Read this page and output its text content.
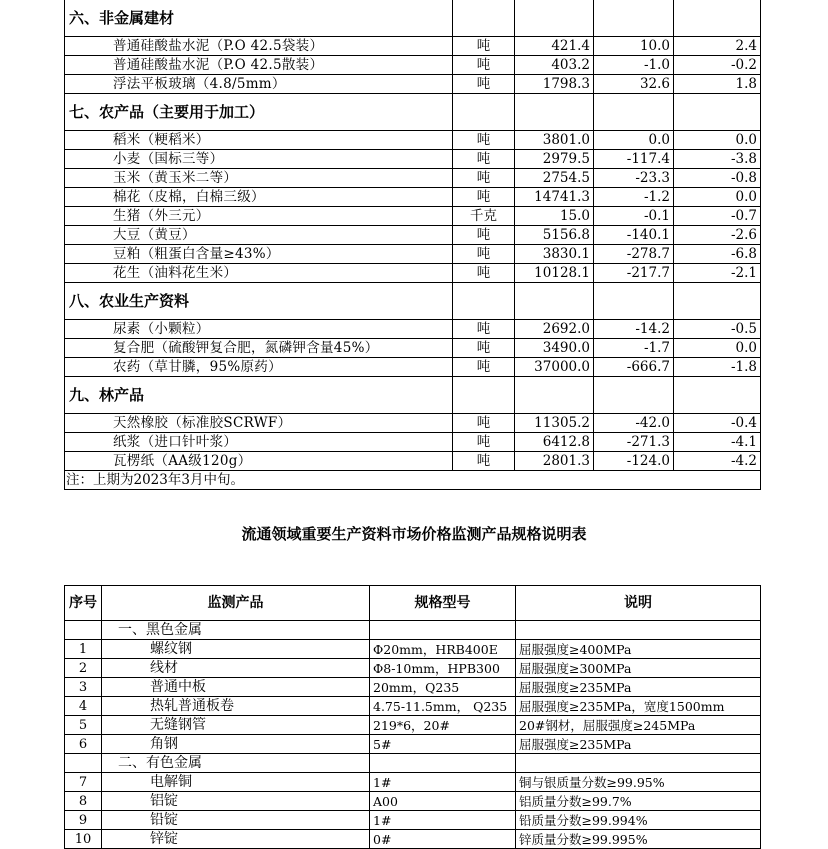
六、非金属建材				
普通硅酸盐水泥（P.O 42.5袋装）	吨	421.4	10.0	2.4
普通硅酸盐水泥（P.O 42.5散装）	吨	403.2	-1.0	-0.2
浮法平板玻璃（4.8/5mm）	吨	1798.3	32.6	1.8
七、农产品（主要用于加工）				
稻米（粳稻米）	吨	3801.0	0.0	0.0
小麦（国标三等）	吨	2979.5	-117.4	-3.8
玉米（黄玉米二等）	吨	2754.5	-23.3	-0.8
棉花（皮棉，白棉三级）	吨	14741.3	-1.2	0.0
生猪（外三元）	千克	15.0	-0.1	-0.7
大豆（黄豆）	吨	5156.8	-140.1	-2.6
豆粕（粗蛋白含量≥43%）	吨	3830.1	-278.7	-6.8
花生（油料花生米）	吨	10128.1	-217.7	-2.1
八、农业生产资料				
尿素（小颗粒）	吨	2692.0	-14.2	-0.5
复合肥（硫酸钾复合肥，氮磷钾含量45%）	吨	3490.0	-1.7	0.0
农药（草甘膦，95%原药）	吨	37000.0	-666.7	-1.8
九、林产品				
天然橡胶（标准胶SCRWF）	吨	11305.2	-42.0	-0.4
纸浆（进口针叶浆）	吨	6412.8	-271.3	-4.1
瓦楞纸（AA级120g）	吨	2801.3	-124.0	-4.2
注：上期为2023年3月中旬。				
流通领域重要生产资料市场价格监测产品规格说明表
序号	监测产品	规格型号	说明
	一、黑色金属		
1	螺纹钢	Φ20mm，HRB400E	屈服强度≥400MPa
2	线材	Φ8-10mm，HPB300	屈服强度≥300MPa
3	普通中板	20mm，Q235	屈服强度≥235MPa
4	热轧普通板卷	4.75-11.5mm， Q235	屈服强度≥235MPa，宽度1500mm
5	无缝钢管	219*6，20#	20#钢材，屈服强度≥245MPa
6	角钢	5#	屈服强度≥235MPa
	二、有色金属		
7	电解铜	1#	铜与银质量分数≥99.95%
8	铝锭	A00	铝质量分数≥99.7%
9	铅锭	1#	铅质量分数≥99.994%
10	锌锭	0#	锌质量分数≥99.995%
